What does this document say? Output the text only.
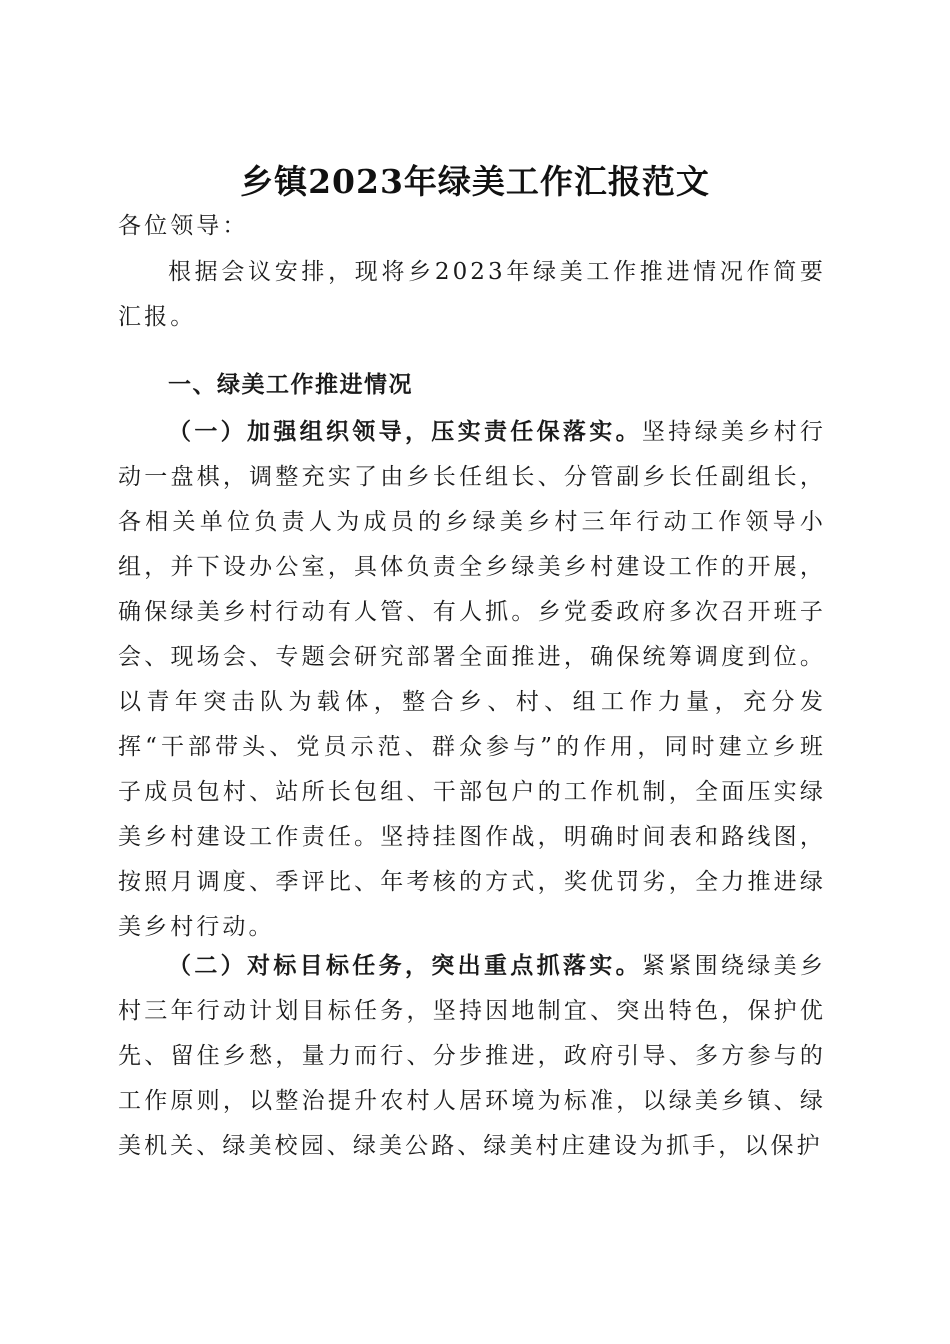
乡镇2023年绿美工作汇报范文

各位领导：

根据会议安排，现将乡2023年绿美工作推进情况作简要汇报。

一、绿美工作推进情况

（一）加强组织领导，压实责任保落实。坚持绿美乡村行动一盘棋，调整充实了由乡长任组长、分管副乡长任副组长，各相关单位负责人为成员的乡绿美乡村三年行动工作领导小组，并下设办公室，具体负责全乡绿美乡村建设工作的开展，确保绿美乡村行动有人管、有人抓。乡党委政府多次召开班子会、现场会、专题会研究部署全面推进，确保统筹调度到位。以青年突击队为载体，整合乡、村、组工作力量，充分发挥“干部带头、党员示范、群众参与”的作用，同时建立乡班子成员包村、站所长包组、干部包户的工作机制，全面压实绿美乡村建设工作责任。坚持挂图作战，明确时间表和路线图，按照月调度、季评比、年考核的方式，奖优罚劣，全力推进绿美乡村行动。

（二）对标目标任务，突出重点抓落实。紧紧围绕绿美乡村三年行动计划目标任务，坚持因地制宜、突出特色，保护优先、留住乡愁，量力而行、分步推进，政府引导、多方参与的工作原则，以整治提升农村人居环境为标准，以绿美乡镇、绿美机关、绿美校园、绿美公路、绿美村庄建设为抓手，以保护
